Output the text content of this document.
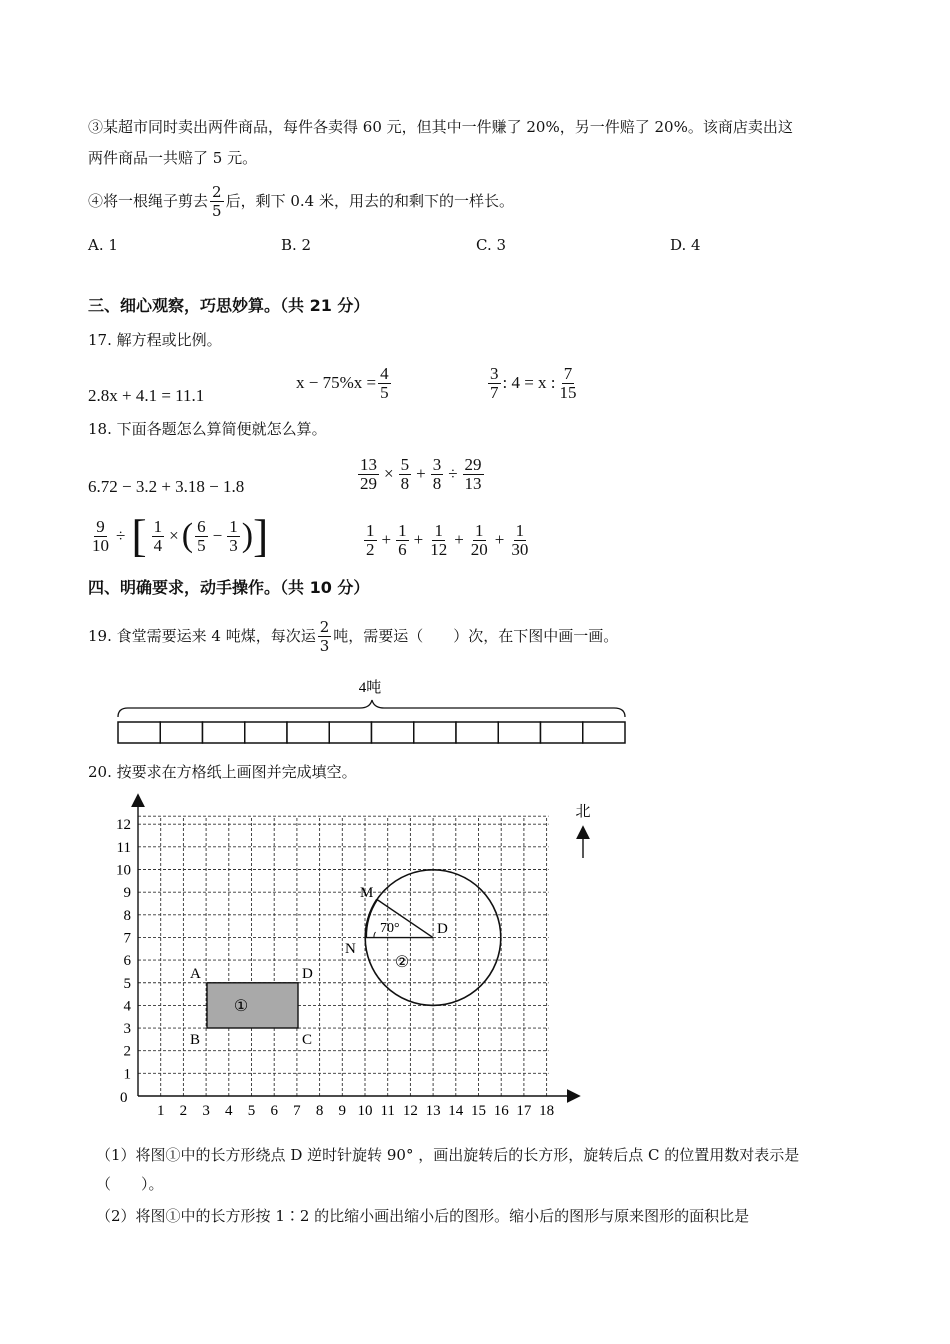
③某超市同时卖出两件商品，每件各卖得 60 元，但其中一件赚了 20%，另一件赔了 20%。该商店卖出这
两件商品一共赔了 5 元。
④将一根绳子剪去
2
5
后，剩下 0.4 米，用去的和剩下的一样长。
A. 1	B. 2	C. 3	D. 4
三、细心观察，巧思妙算。（共 21 分）
17. 解方程或比例。
2.8x + 4.1 = 11.1
$x - 75\%x = \frac{4}{5}$	3
7 : 4 = x : 7
15
18. 下面各题怎么算简便就怎么算。
6.72 − 3.2 + 3.18 − 1.8	$\frac{13}{29} \times \frac{5}{8} + \frac{3}{8} \div \frac{29}{13}$
$\frac{9}{10}$ ÷ [ $\frac{1}{4}$ × ( 6
$5 - \frac{1}{3}$ ) ]	1
$2 + \frac{1}{6} + \frac{1}{12} + \frac{1}{20} + \frac{1}{30}$
四、明确要求，动手操作。（共 10 分）
19. 食堂需要运来 4 吨煤，每次运
2
3
吨，需要运（　　）次，在下图中画一画。
4吨
20. 按要求在方格纸上画图并完成填空。
1 2 3 4 5 6 7 8 9 10 11 12 13 14 15 16 17 18
1
2
3
4
5
6
7
8
9
10
11
12
0
①
A	D
B	C
70°
M
N
D
②
北
（1）将图①中的长方形绕点 D 逆时针旋转 90° ，画出旋转后的长方形，旋转后点 C 的位置用数对表示是
（　　）。
（2）将图①中的长方形按 1∶2 的比缩小画出缩小后的图形。缩小后的图形与原来图形的面积比是
